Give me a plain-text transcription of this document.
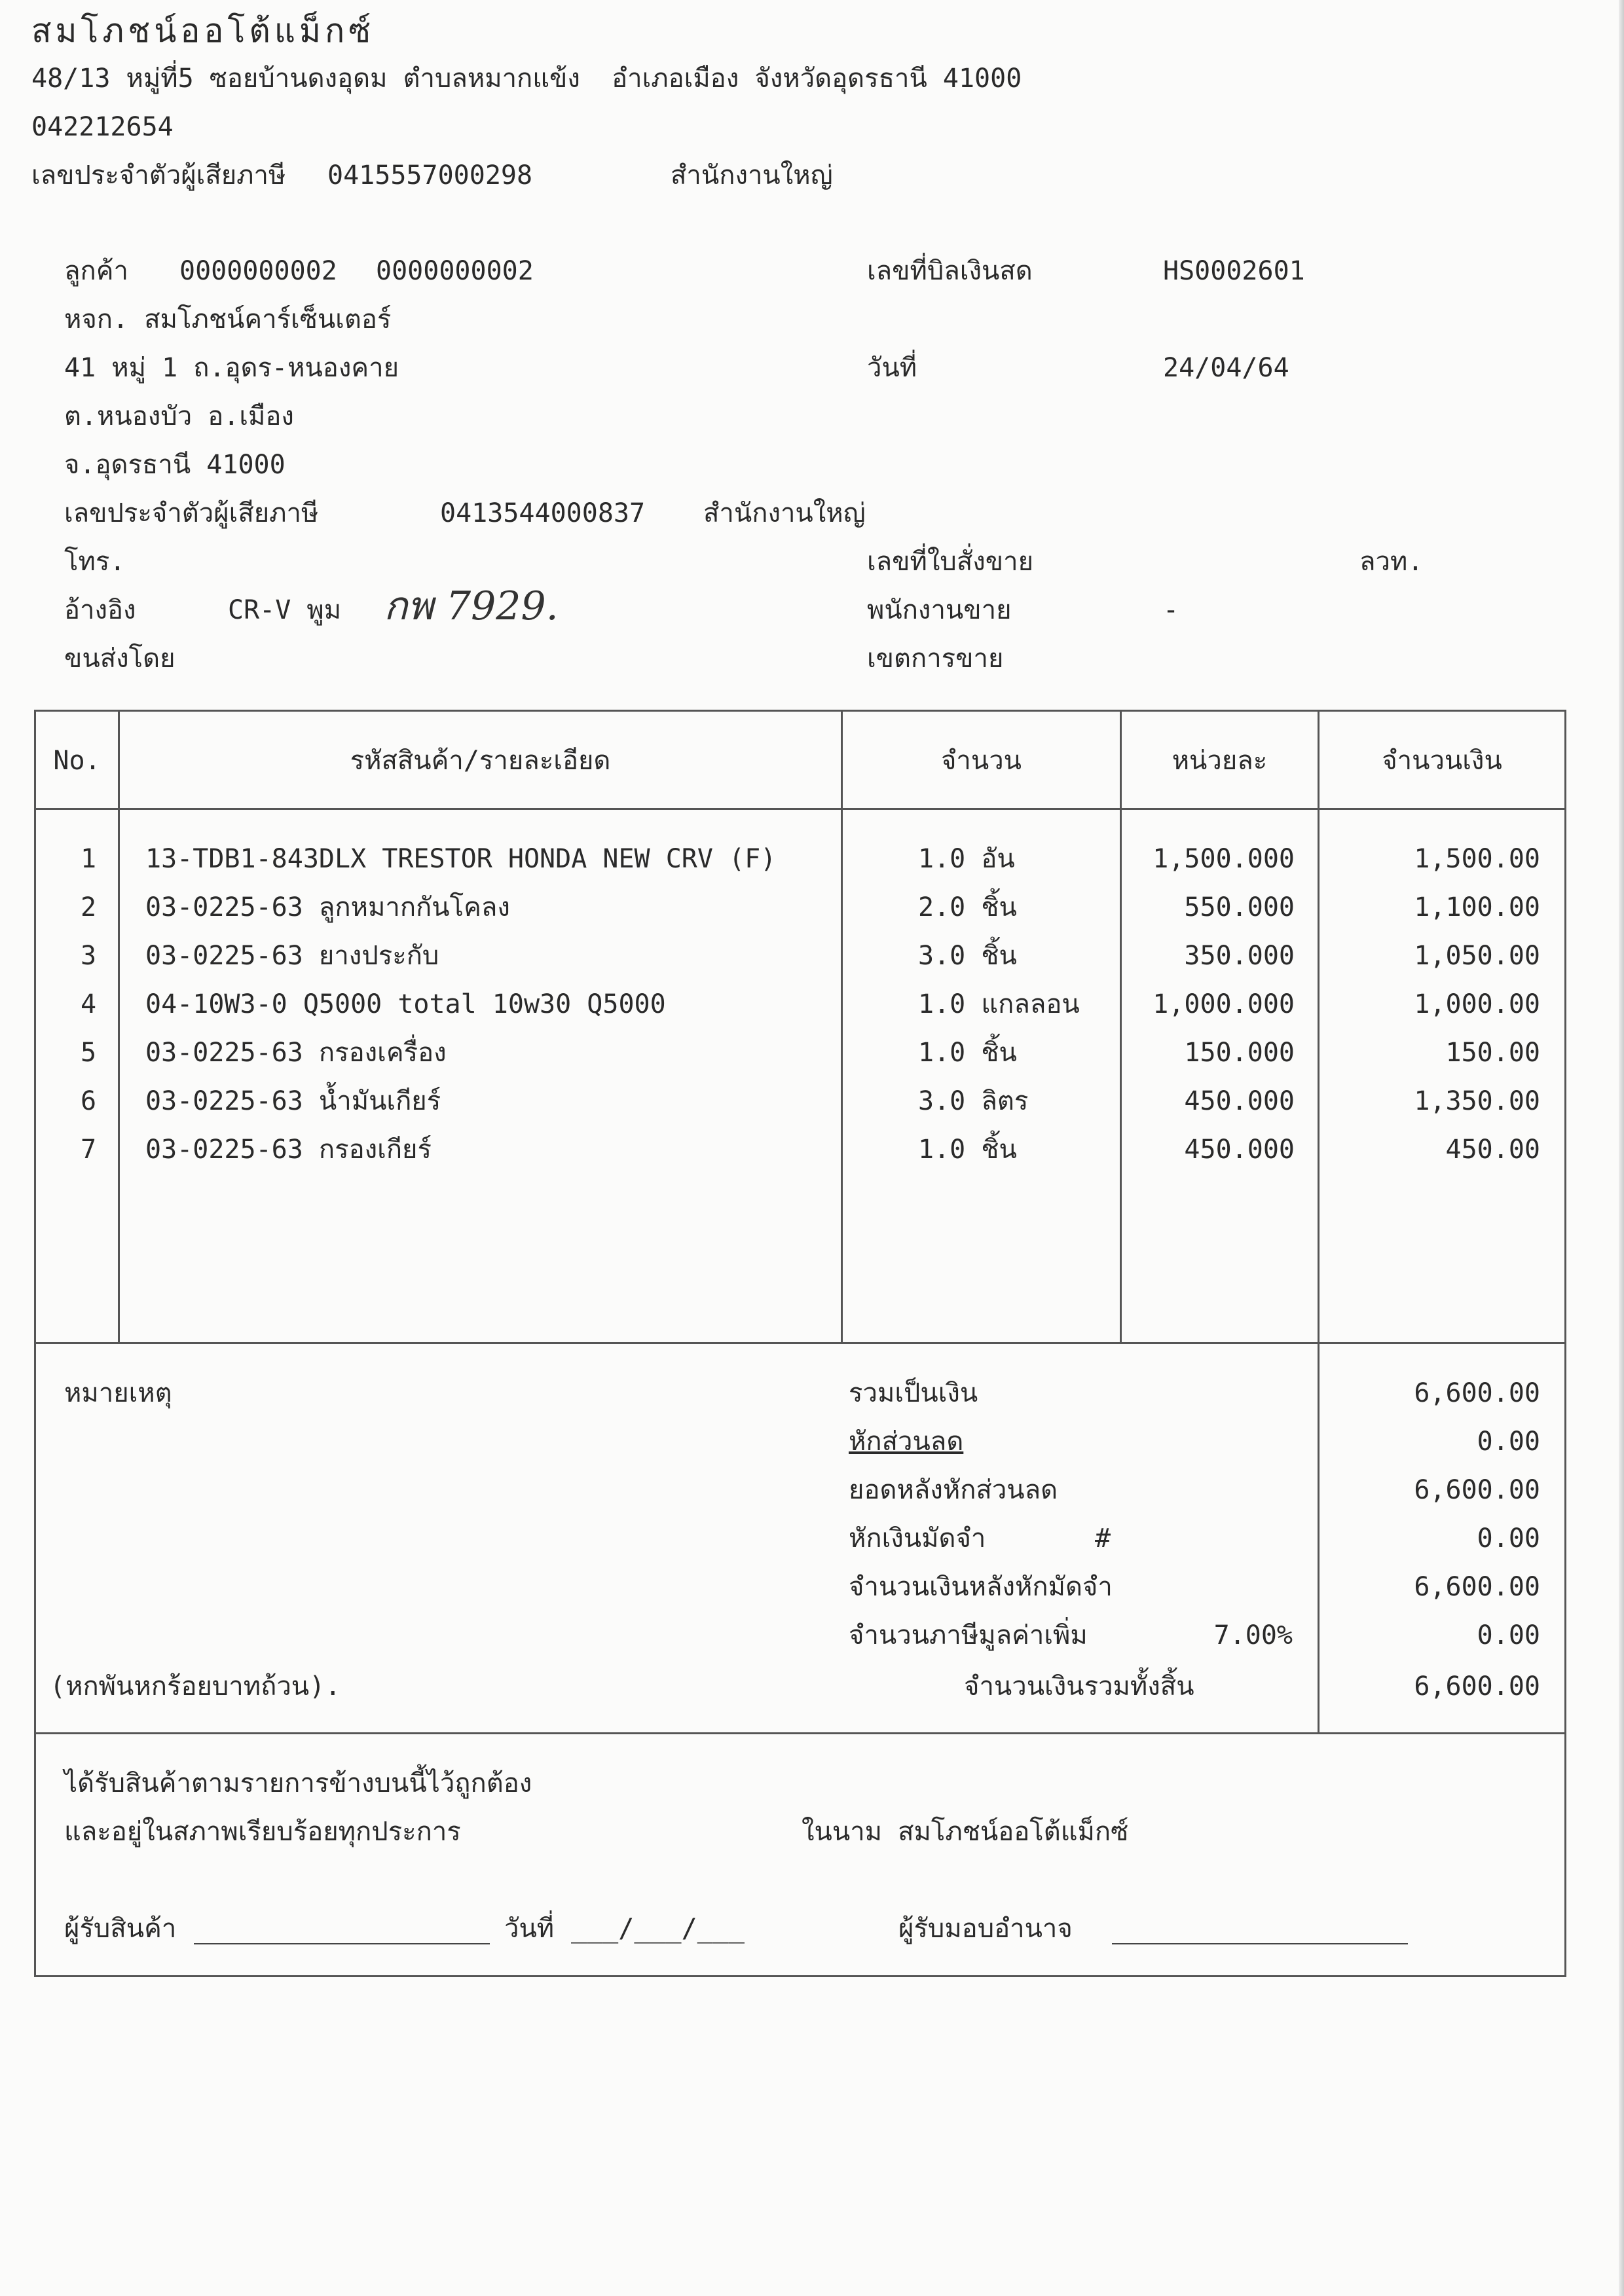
สมโภชน์ออโต้แม็กซ์
48/13 หมู่ที่5 ซอยบ้านดงอุดม ตำบลหมากแข้ง  อำเภอเมือง จังหวัดอุดรธานี 41000
042212654
เลขประจำตัวผู้เสียภาษี 0415557000298	สำนักงานใหญ่
ลูกค้า 0000000002 0000000002
หจก. สมโภชน์คาร์เซ็นเตอร์
41 หมู่ 1 ถ.อุดร-หนองคาย
ต.หนองบัว อ.เมือง
จ.อุดรธานี 41000
เลขประจำตัวผู้เสียภาษี	0413544000837 สำนักงานใหญ่
โทร.
อ้างอิง	CR-V พูม กพ 7929.
ขนส่งโดย
เลขที่บิลเงินสด	HS0002601
วันที่	24/04/64
เลขที่ใบสั่งขาย	ลวท.
พนักงานขาย	-
เขตการขาย
No.	รหัสสินค้า/รายละเอียด	จำนวน	หน่วยละ	จำนวนเงิน
1	13-TDB1-843DLX TRESTOR HONDA NEW CRV (F)	1.0 อัน	1,500.000	1,500.00
2	03-0225-63 ลูกหมากกันโคลง	2.0 ชิ้น	550.000	1,100.00
3	03-0225-63 ยางประกับ	3.0 ชิ้น	350.000	1,050.00
4	04-10W3-0 Q5000 total 10w30 Q5000	1.0 แกลลอน	1,000.000	1,000.00
5	03-0225-63 กรองเครื่อง	1.0 ชิ้น	150.000	150.00
6	03-0225-63 น้ำมันเกียร์	3.0 ลิตร	450.000	1,350.00
7	03-0225-63 กรองเกียร์	1.0 ชิ้น	450.000	450.00
หมายเหตุ
(หกพันหกร้อยบาทถ้วน).
รวมเป็นเงิน	6,600.00
หักส่วนลด	0.00
ยอดหลังหักส่วนลด	6,600.00
หักเงินมัดจำ	#	0.00
จำนวนเงินหลังหักมัดจำ	6,600.00
จำนวนภาษีมูลค่าเพิ่ม	7.00%	0.00
จำนวนเงินรวมทั้งสิ้น	6,600.00
ได้รับสินค้าตามรายการข้างบนนี้ไว้ถูกต้อง
และอยู่ในสภาพเรียบร้อยทุกประการ	ในนาม สมโภชน์ออโต้แม็กซ์
ผู้รับสินค้า	วันที่ ___/___/___	ผู้รับมอบอำนาจ
